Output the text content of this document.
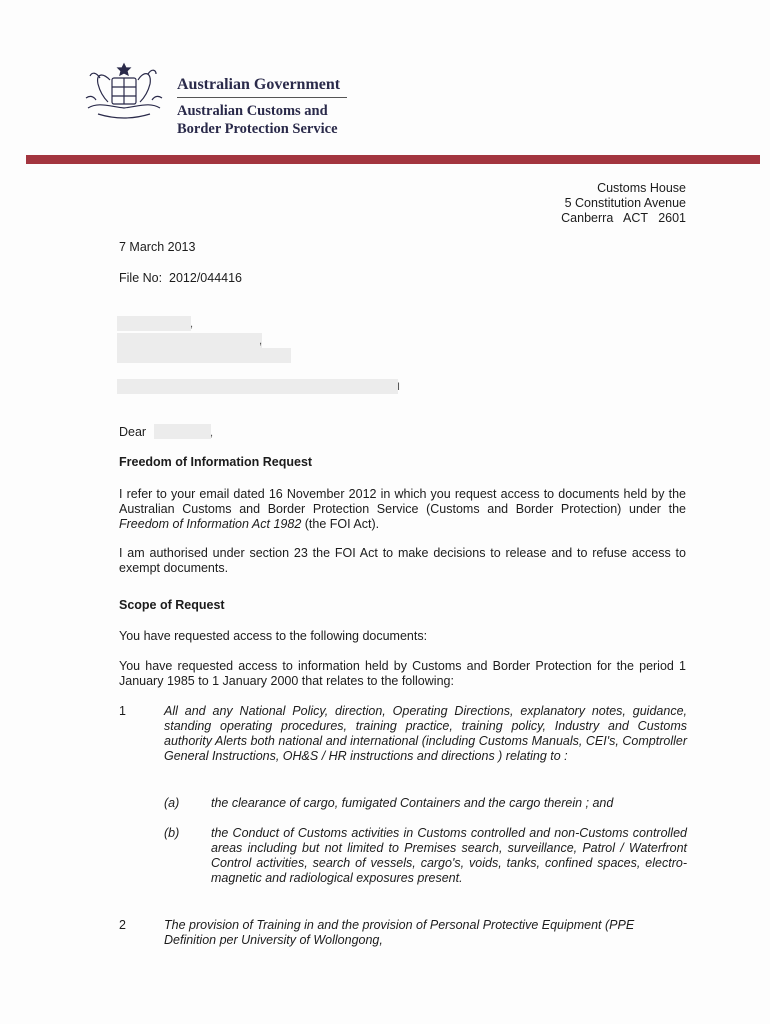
Australian Government
Australian Customs and
Border Protection Service
Customs House
5 Constitution Avenue
Canberra   ACT   2601
7 March 2013
File No:  2012/044416
,
,
I
Dear	,
Freedom of Information Request
I refer to your email dated 16 November 2012 in which you request access to documents held by the Australian Customs and Border Protection Service (Customs and Border Protection) under the Freedom of Information Act 1982 (the FOI Act).
I am authorised under section 23 the FOI Act to make decisions to release and to refuse access to exempt documents.
Scope of Request
You have requested access to the following documents:
You have requested access to information held by Customs and Border Protection for the period 1 January 1985 to 1 January 2000 that relates to the following:
1	All and any National Policy, direction, Operating Directions, explanatory notes, guidance, standing operating procedures, training practice, training policy, Industry and Customs authority Alerts both national and international (including Customs Manuals, CEI's, Comptroller General Instructions, OH&S / HR instructions and directions ) relating to :
(a)	the clearance of cargo, fumigated Containers and the cargo therein ; and
(b)	the Conduct of Customs activities in Customs controlled and non-Customs controlled areas including but not limited to Premises search, surveillance, Patrol / Waterfront Control activities, search of vessels, cargo's, voids, tanks, confined spaces, electro-magnetic and radiological exposures present.
2	The provision of Training in and the provision of Personal Protective Equipment (PPE Definition per University of Wollongong,
